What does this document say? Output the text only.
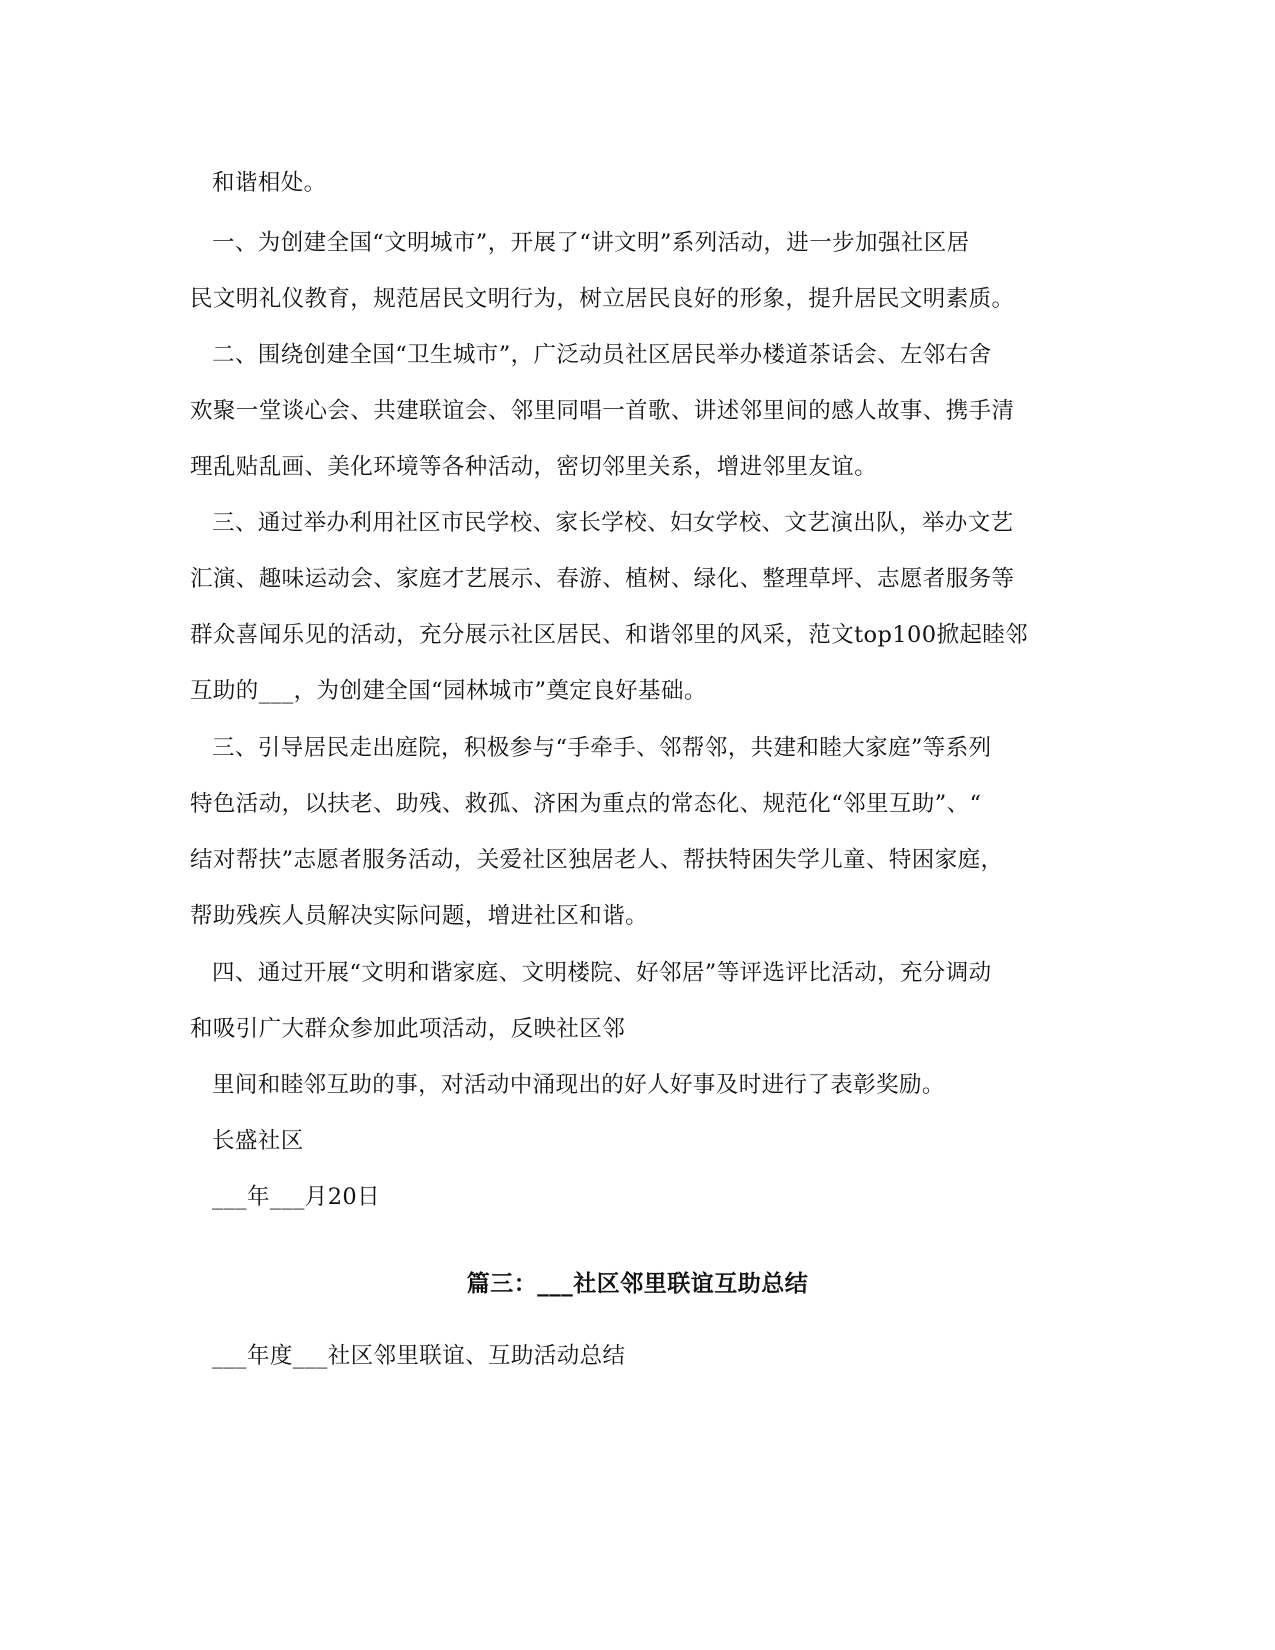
和谐相处。
一、为创建全国“文明城市”，开展了“讲文明”系列活动，进一步加强社区居
民文明礼仪教育，规范居民文明行为，树立居民良好的形象，提升居民文明素质。
二、围绕创建全国“卫生城市”，广泛动员社区居民举办楼道茶话会、左邻右舍
欢聚一堂谈心会、共建联谊会、邻里同唱一首歌、讲述邻里间的感人故事、携手清
理乱贴乱画、美化环境等各种活动，密切邻里关系，增进邻里友谊。
三、通过举办利用社区市民学校、家长学校、妇女学校、文艺演出队，举办文艺
汇演、趣味运动会、家庭才艺展示、春游、植树、绿化、整理草坪、志愿者服务等
群众喜闻乐见的活动，充分展示社区居民、和谐邻里的风采，范文top100掀起睦邻
互助的___，为创建全国“园林城市”奠定良好基础。
三、引导居民走出庭院，积极参与“手牵手、邻帮邻，共建和睦大家庭”等系列
特色活动，以扶老、助残、救孤、济困为重点的常态化、规范化“邻里互助”、“
结对帮扶”志愿者服务活动，关爱社区独居老人、帮扶特困失学儿童、特困家庭，
帮助残疾人员解决实际问题，增进社区和谐。
四、通过开展“文明和谐家庭、文明楼院、好邻居”等评选评比活动，充分调动
和吸引广大群众参加此项活动，反映社区邻
里间和睦邻互助的事，对活动中涌现出的好人好事及时进行了表彰奖励。
长盛社区
___年___月20日
篇三：___社区邻里联谊互助总结
___年度___社区邻里联谊、互助活动总结
